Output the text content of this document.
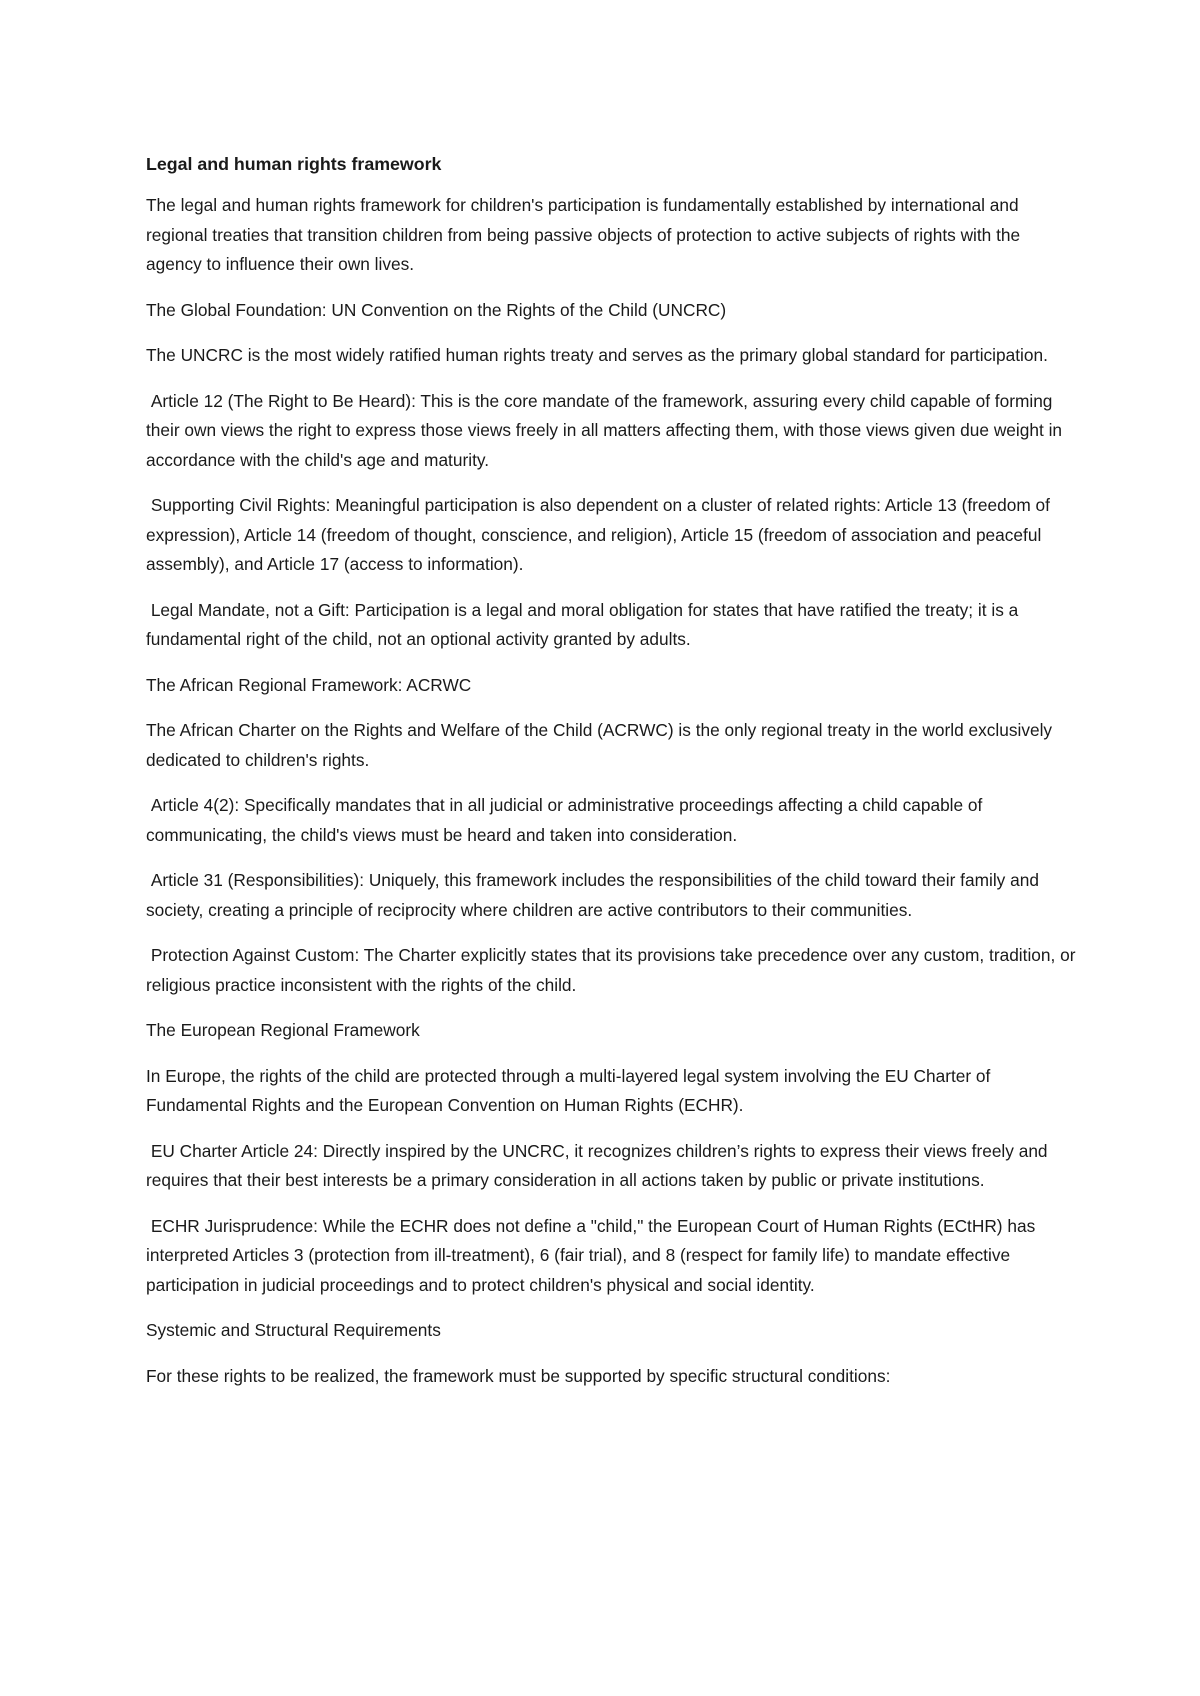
Legal and human rights framework

The legal and human rights framework for children's participation is fundamentally established by international and regional treaties that transition children from being passive objects of protection to active subjects of rights with the agency to influence their own lives.

The Global Foundation: UN Convention on the Rights of the Child (UNCRC)

The UNCRC is the most widely ratified human rights treaty and serves as the primary global standard for participation.

Article 12 (The Right to Be Heard): This is the core mandate of the framework, assuring every child capable of forming their own views the right to express those views freely in all matters affecting them, with those views given due weight in accordance with the child's age and maturity.

Supporting Civil Rights: Meaningful participation is also dependent on a cluster of related rights: Article 13 (freedom of expression), Article 14 (freedom of thought, conscience, and religion), Article 15 (freedom of association and peaceful assembly), and Article 17 (access to information).

Legal Mandate, not a Gift: Participation is a legal and moral obligation for states that have ratified the treaty; it is a fundamental right of the child, not an optional activity granted by adults.

The African Regional Framework: ACRWC

The African Charter on the Rights and Welfare of the Child (ACRWC) is the only regional treaty in the world exclusively dedicated to children's rights.

Article 4(2): Specifically mandates that in all judicial or administrative proceedings affecting a child capable of communicating, the child's views must be heard and taken into consideration.

Article 31 (Responsibilities): Uniquely, this framework includes the responsibilities of the child toward their family and society, creating a principle of reciprocity where children are active contributors to their communities.

Protection Against Custom: The Charter explicitly states that its provisions take precedence over any custom, tradition, or religious practice inconsistent with the rights of the child.

The European Regional Framework

In Europe, the rights of the child are protected through a multi-layered legal system involving the EU Charter of Fundamental Rights and the European Convention on Human Rights (ECHR).

EU Charter Article 24: Directly inspired by the UNCRC, it recognizes children’s rights to express their views freely and requires that their best interests be a primary consideration in all actions taken by public or private institutions.

ECHR Jurisprudence: While the ECHR does not define a "child," the European Court of Human Rights (ECtHR) has interpreted Articles 3 (protection from ill-treatment), 6 (fair trial), and 8 (respect for family life) to mandate effective participation in judicial proceedings and to protect children's physical and social identity.

Systemic and Structural Requirements

For these rights to be realized, the framework must be supported by specific structural conditions:
